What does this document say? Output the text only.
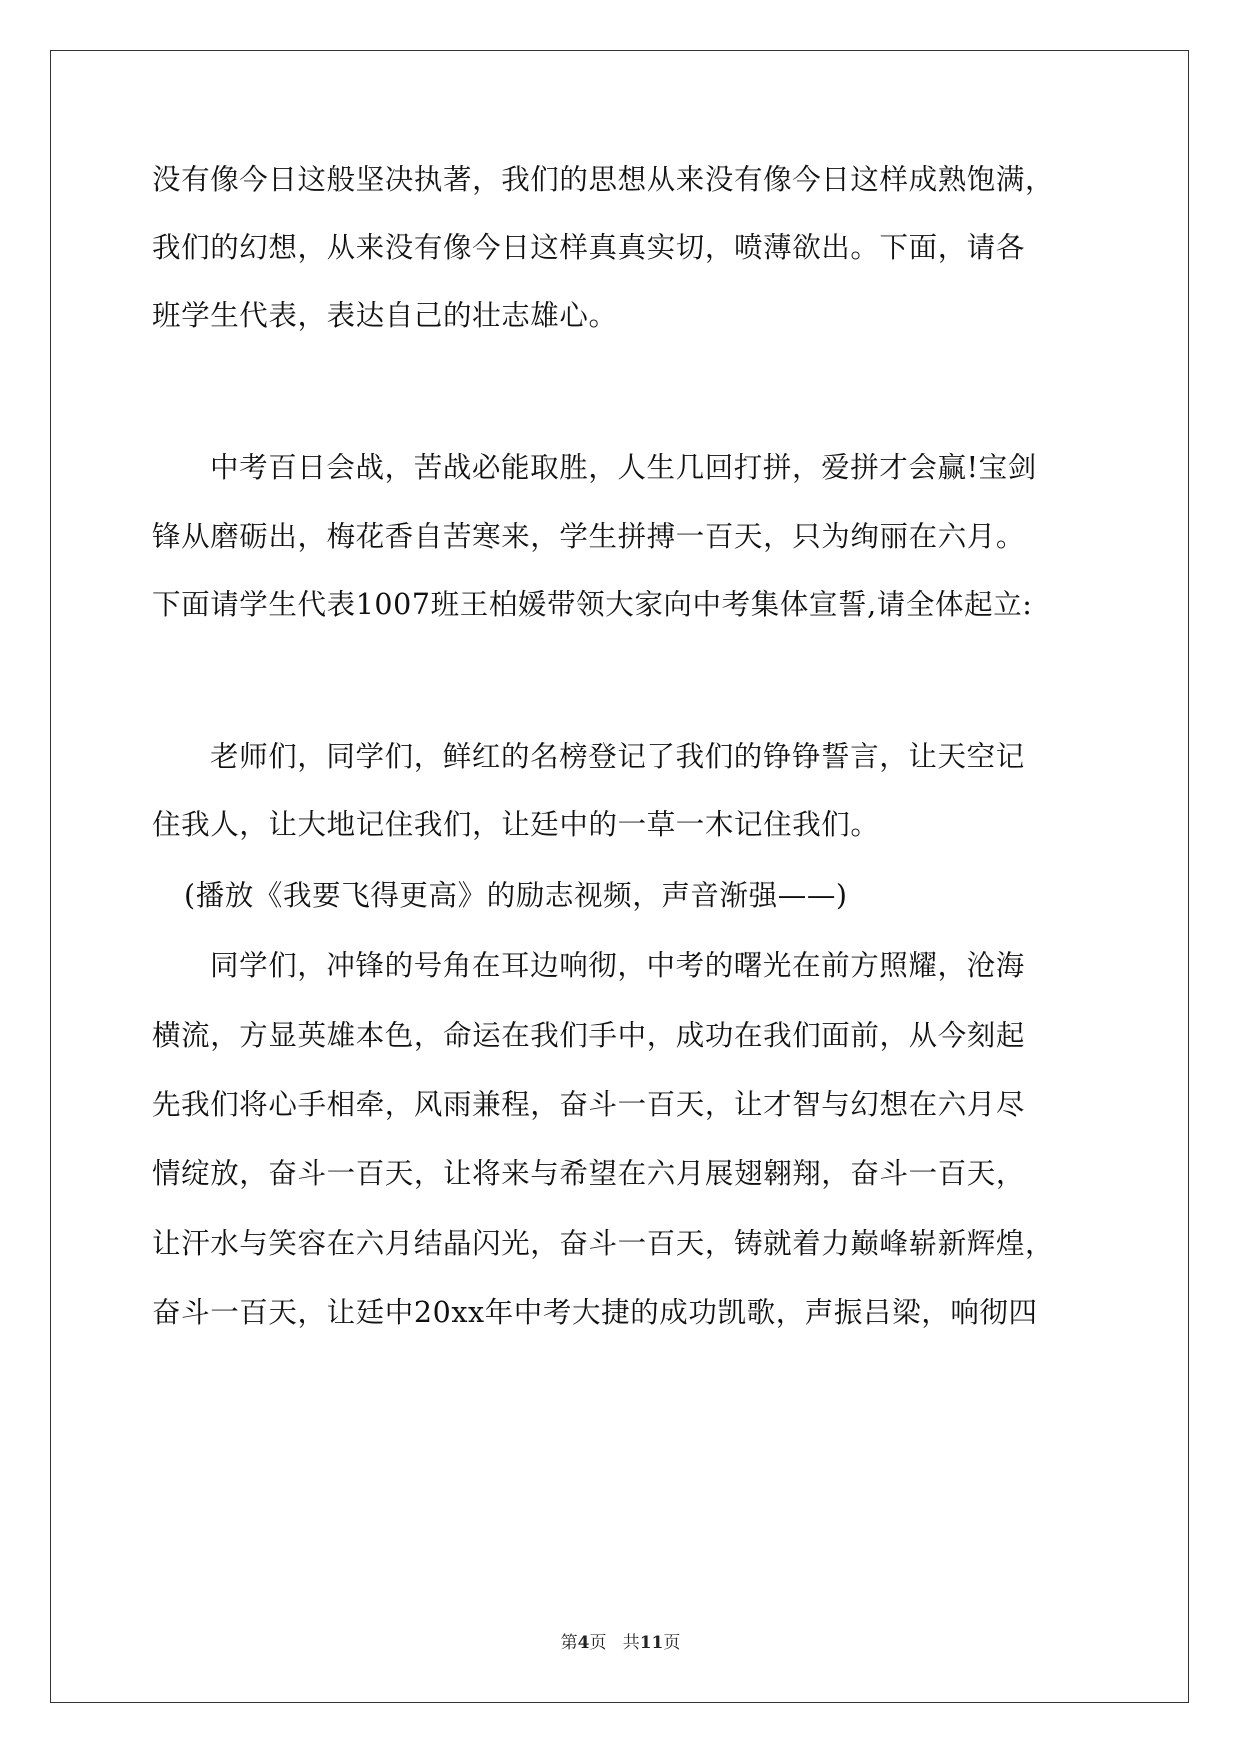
没有像今日这般坚决执著，我们的思想从来没有像今日这样成熟饱满，
我们的幻想，从来没有像今日这样真真实切，喷薄欲出。下面，请各
班学生代表，表达自己的壮志雄心。
中考百日会战，苦战必能取胜，人生几回打拼，爱拼才会赢!宝剑
锋从磨砺出，梅花香自苦寒来，学生拼搏一百天，只为绚丽在六月。
下面请学生代表1007班王柏媛带领大家向中考集体宣誓,请全体起立:
老师们，同学们，鲜红的名榜登记了我们的铮铮誓言，让天空记
住我人，让大地记住我们，让廷中的一草一木记住我们。
(播放《我要飞得更高》的励志视频，声音渐强——)
同学们，冲锋的号角在耳边响彻，中考的曙光在前方照耀，沧海
横流，方显英雄本色，命运在我们手中，成功在我们面前，从今刻起
先我们将心手相牵，风雨兼程，奋斗一百天，让才智与幻想在六月尽
情绽放，奋斗一百天，让将来与希望在六月展翅翱翔，奋斗一百天，
让汗水与笑容在六月结晶闪光，奋斗一百天，铸就着力巅峰崭新辉煌，
奋斗一百天，让廷中20xx年中考大捷的成功凯歌，声振吕梁，响彻四
第4页 共11页
